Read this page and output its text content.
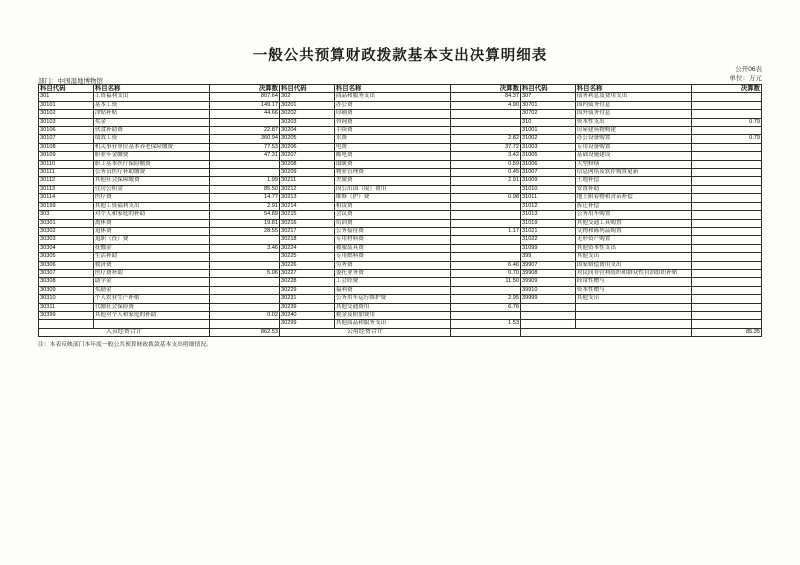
一般公共预算财政拨款基本支出决算明细表
公开06表
单位：万元
部门：中国湿地博物馆
科目代码	科目名称	决算数	科目代码	科目名称	决算数	科目代码	科目名称	决算数
301	工资福利支出	807.64	302	商品和服务支出	84.37	307	债务利息及费用支出	
30101	基本工资	149.17	30201	办公费	4.90	30701	国内债务付息	
30102	津贴补贴	44.66	30202	印刷费		30702	国外债务付息	
30103	奖金		30203	咨询费		310	资本性支出	0.79
30106	伙食补助费	22.87	30204	手续费		31001	房屋建筑物购建	
30107	绩效工资	360.94	30205	水费	2.82	31002	办公设备购置	0.79
30108	机关事业单位基本养老保险缴费	77.53	30206	电费	37.72	31003	专用设备购置	
30109	职业年金缴费	47.31	30207	邮电费	3.42	31005	基础设施建设	
30110	职工基本医疗保险缴费		30208	取暖费	0.59	31006	大型修缮	
30111	公务员医疗补助缴费		30209	物业管理费	0.45	31007	信息网络及软件购置更新	
30112	其他社会保障缴费	1.99	30211	差旅费	2.91	31009	土地补偿	
30113	住房公积金	85.50	30212	因公出国（境）费用		31010	安置补助	
30114	医疗费	14.77	30213	维修（护）费	0.98	31011	地上附着物和青苗补偿	
30199	其他工资福利支出	2.91	30214	租赁费		31012	拆迁补偿	
303	对个人和家庭的补助	54.89	30215	会议费		31013	公务用车购置	
30301	离休费	19.81	30216	培训费		31019	其他交通工具购置	
30302	退休费	28.55	30217	公务接待费	1.17	31021	文物和陈列品购置	
30303	退职（役）费		30218	专用材料费		31022	无形资产购置	
30304	抚恤金	3.46	30224	被服装具费		31099	其他资本性支出	
30305	生活补助		30225	专用燃料费		399	其他支出	
30306	救济费		30226	劳务费	6.46	39907	国家赔偿费用支出	
30307	医疗费补助	5.06	30227	委托业务费	0.70	39908	对民间非营利组织和群众性自治组织补贴	
30308	助学金		30228	工会经费	11.50	39909	经常性赠与	
30309	奖励金		30229	福利费		39910	资本性赠与	
30310	个人农业生产补贴		30231	公务用车运行维护费	2.95	39999	其他支出	
30311	代缴社会保险费		30239	其他交通费用	6.76			
30399	其他对个人和家庭的补助	0.02	30240	税金及附加费用				
			30299	其他商品和服务支出	1.53			
人员经费合计		862.53	公用经费合计					85.35
注：本表反映部门本年度一般公共预算财政拨款基本支出明细情况。
